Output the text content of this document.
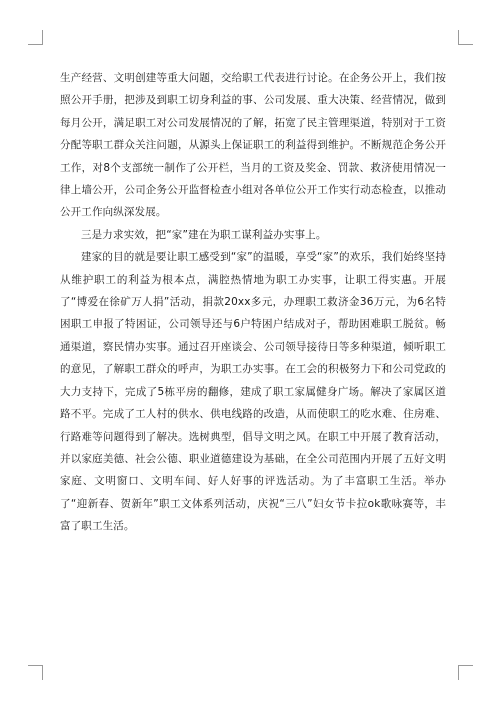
生产经营、文明创建等重大问题，交给职工代表进行讨论。在企务公开上，我们按照公开手册，把涉及到职工切身利益的事、公司发展、重大决策、经营情况，做到每月公开，满足职工对公司发展情况的了解，拓宽了民主管理渠道，特别对于工资分配等职工群众关注问题，从源头上保证职工的利益得到维护。不断规范企务公开工作，对8个支部统一制作了公开栏，当月的工资及奖金、罚款、救济使用情况一律上墙公开，公司企务公开监督检查小组对各单位公开工作实行动态检查，以推动公开工作向纵深发展。

三是力求实效，把“家”建在为职工谋利益办实事上。

建家的目的就是要让职工感受到“家”的温暖，享受“家”的欢乐，我们始终坚持从维护职工的利益为根本点，满腔热情地为职工办实事，让职工得实惠。开展了“博爱在徐矿万人捐”活动，捐款20xx多元，办理职工救济金36万元，为6名特困职工申报了特困证，公司领导还与6户特困户结成对子，帮助困难职工脱贫。畅通渠道，察民情办实事。通过召开座谈会、公司领导接待日等多种渠道，倾听职工的意见，了解职工群众的呼声，为职工办实事。在工会的积极努力下和公司党政的大力支持下，完成了5栋平房的翻修，建成了职工家属健身广场。解决了家属区道路不平。完成了工人村的供水、供电线路的改造，从而使职工的吃水难、住房难、行路难等问题得到了解决。选树典型，倡导文明之风。在职工中开展了教育活动，并以家庭美德、社会公德、职业道德建设为基础，在全公司范围内开展了五好文明家庭、文明窗口、文明车间、好人好事的评选活动。为了丰富职工生活。举办了“迎新春、贺新年”职工文体系列活动，庆祝“三八”妇女节卡拉ok歌咏赛等，丰富了职工生活。
